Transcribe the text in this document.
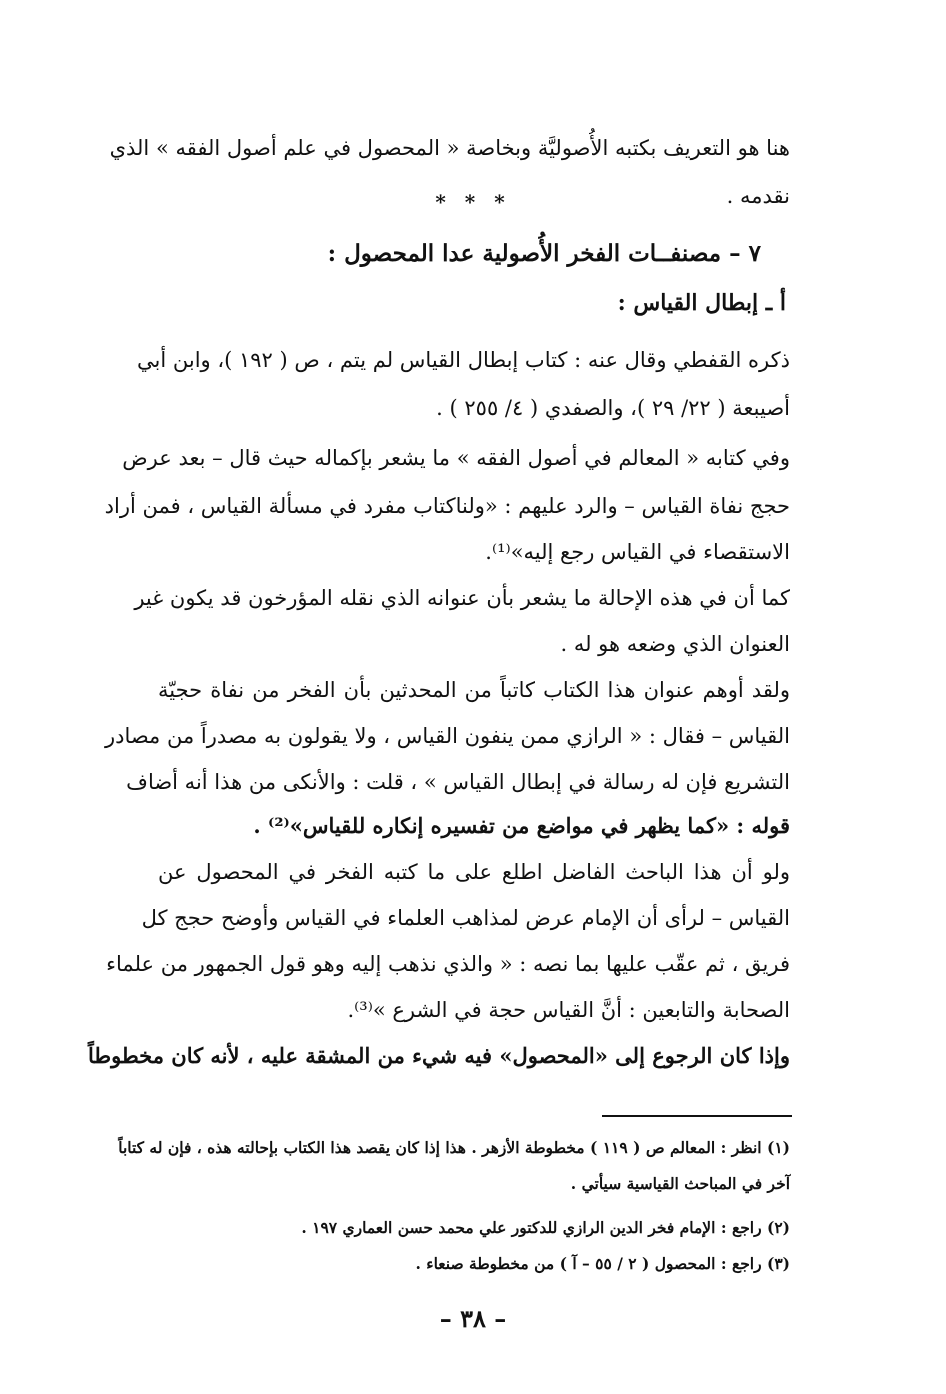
هنا هو التعريف بكتبه الأُصوليَّة وبخاصة « المحصول في علم أصول الفقه » الذي
نقدمه .
* * *
٧ – مصنفــات الفخر الأُصولية عدا المحصول :
أ ـ إبطال القياس :
ذكره القفطي وقال عنه : كتاب إبطال القياس لم يتم ، ص ( ١٩٢ )، وابن أبي
أصيبعة ( ٢٢/ ٢٩ )، والصفدي ( ٤/ ٢٥٥ ) .
وفي كتابه « المعالم في أصول الفقه » ما يشعر بإكماله حيث قال – بعد عرض
حجج نفاة القياس – والرد عليهم : «ولناكتاب مفرد في مسألة القياس ، فمن أراد
الاستقصاء في القياس رجع إليه»⁽¹⁾.
كما أن في هذه الإحالة ما يشعر بأن عنوانه الذي نقله المؤرخون قد يكون غير
العنوان الذي وضعه هو له .
ولقد أوهم عنوان هذا الكتاب كاتباً من المحدثين بأن الفخر من نفاة حجيّة
القياس – فقال : « الرازي ممن ينفون القياس ، ولا يقولون به مصدراً من مصادر
التشريع فإن له رسالة في إبطال القياس » ، قلت : والأنكى من هذا أنه أضاف
قوله : «كما يظهر في مواضع من تفسيره إنكاره للقياس»⁽²⁾ .
ولو أن هذا الباحث الفاضل اطلع على ما كتبه الفخر في المحصول عن
القياس – لرأى أن الإمام عرض لمذاهب العلماء في القياس وأوضح حجج كل
فريق ، ثم عقّب عليها بما نصه : « والذي نذهب إليه وهو قول الجمهور من علماء
الصحابة والتابعين : أنَّ القياس حجة في الشرع »⁽³⁾.
وإذا كان الرجوع إلى «المحصول» فيه شيء من المشقة عليه ، لأنه كان مخطوطاً
(١) انظر : المعالم ص ( ١١٩ ) مخطوطة الأزهر . هذا إذا كان يقصد هذا الكتاب بإحالته هذه ، فإن له كتاباً
آخر في المباحث القياسية سيأتي .
(٢) راجع : الإمام فخر الدين الرازي للدكتور علي محمد حسن العماري ١٩٧ .
(٣) راجع : المحصول ( ٢ / ٥٥ – آ ) من مخطوطة صنعاء .
– ٣٨ –
